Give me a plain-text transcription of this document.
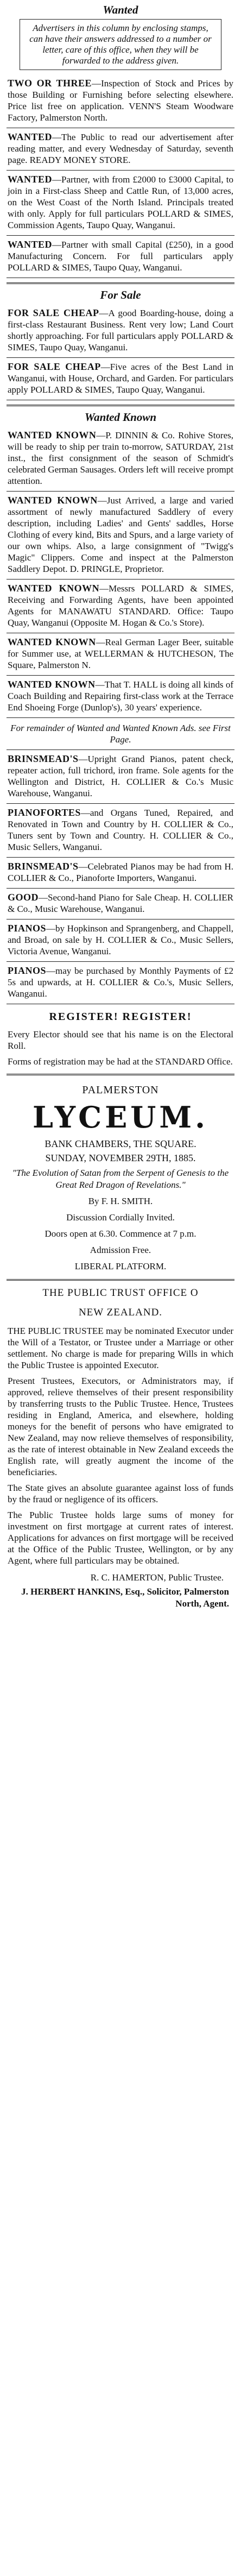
Wanted
Advertisers in this column by enclosing stamps, can have their answers addressed to a number or letter, care of this office, when they will be forwarded to the address given.

TWO OR THREE—Inspection of Stock and Prices by those Building or Furnishing before selecting elsewhere. Price list free on application. VENN'S Steam Woodware Factory, Palmerston North.

WANTED—The Public to read our advertisement after reading matter, and every Wednesday of Saturday, seventh page. READY MONEY STORE.

WANTED—Partner, with from £2000 to £3000 Capital, to join in a First-class Sheep and Cattle Run, of 13,000 acres, on the West Coast of the North Island. Principals treated with only. Apply for full particulars POLLARD & SIMES, Commission Agents, Taupo Quay, Wanganui.

WANTED—Partner with small Capital (£250), in a good Manufacturing Concern. For full particulars apply POLLARD & SIMES, Taupo Quay, Wanganui.

For Sale

FOR SALE CHEAP—A good Boarding-house, doing a first-class Restaurant Business. Rent very low; Land Court shortly approaching. For full particulars apply POLLARD & SIMES, Taupo Quay, Wanganui.

FOR SALE CHEAP—Five acres of the Best Land in Wanganui, with House, Orchard, and Garden. For particulars apply POLLARD & SIMES, Taupo Quay, Wanganui.

Wanted Known

WANTED KNOWN—P. DINNIN & Co. Rohive Stores, will be ready to ship per train to-morrow, SATURDAY, 21st inst., the first consignment of the season of Schmidt's celebrated German Sausages. Orders left will receive prompt attention.

WANTED KNOWN—Just Arrived, a large and varied assortment of newly manufactured Saddlery of every description, including Ladies' and Gents' saddles, Horse Clothing of every kind, Bits and Spurs, and a large variety of our own whips. Also, a large consignment of "Twigg's Magic" Clippers. Come and inspect at the Palmerston Saddlery Depot. D. PRINGLE, Proprietor.

WANTED KNOWN—Messrs POLLARD & SIMES, Receiving and Forwarding Agents, have been appointed Agents for MANAWATU STANDARD. Office: Taupo Quay, Wanganui (Opposite M. Hogan & Co.'s Store).

WANTED KNOWN—Real German Lager Beer, suitable for Summer use, at WELLERMAN & HUTCHESON, The Square, Palmerston N.

WANTED KNOWN—That T. HALL is doing all kinds of Coach Building and Repairing first-class work at the Terrace End Shoeing Forge (Dunlop's), 30 years' experience.

For remainder of Wanted and Wanted Known Ads. see First Page.

BRINSMEAD'S—Upright Grand Pianos, patent check, repeater action, full trichord, iron frame. Sole agents for the Wellington and District, H. COLLIER & Co.'s Music Warehouse, Wanganui.

PIANOFORTES—and Organs Tuned, Repaired, and Renovated in Town and Country by H. COLLIER & Co., Tuners sent by Town and Country. H. COLLIER & Co., Music Sellers, Wanganui.

BRINSMEAD'S—Celebrated Pianos may be had from H. COLLIER & Co., Pianoforte Importers, Wanganui.

GOOD—Second-hand Piano for Sale Cheap. H. COLLIER & Co., Music Warehouse, Wanganui.

PIANOS—by Hopkinson and Sprangenberg, and Chappell, and Broad, on sale by H. COLLIER & Co., Music Sellers, Victoria Avenue, Wanganui.

PIANOS—may be purchased by Monthly Payments of £2 5s and upwards, at H. COLLIER & Co.'s, Music Sellers, Wanganui.

REGISTER! REGISTER!

Every Elector should see that his name is on the Electoral Roll.

Forms of registration may be had at the STANDARD Office.

PALMERSTON
LYCEUM.
BANK CHAMBERS, THE SQUARE.
SUNDAY, NOVEMBER 29TH, 1885.
"The Evolution of Satan from the Serpent of Genesis to the Great Red Dragon of Revelations."
By F. H. SMITH.
Discussion Cordially Invited.
Doors open at 6.30. Commence at 7 p.m.
Admission Free.
LIBERAL PLATFORM.
THE PUBLIC TRUST OFFICE O
NEW ZEALAND.

THE PUBLIC TRUSTEE may be nominated Executor under the Will of a Testator, or Trustee under a Marriage or other settlement. No charge is made for preparing Wills in which the Public Trustee is appointed Executor.

Present Trustees, Executors, or Administrators may, if approved, relieve themselves of their present responsibility by transferring trusts to the Public Trustee. Hence, Trustees residing in England, America, and elsewhere, holding moneys for the benefit of persons who have emigrated to New Zealand, may now relieve themselves of responsibility, as the rate of interest obtainable in New Zealand exceeds the English rate, will greatly augment the income of the beneficiaries.

The State gives an absolute guarantee against loss of funds by the fraud or negligence of its officers.

The Public Trustee holds large sums of money for investment on first mortgage at current rates of interest. Applications for advances on first mortgage will be received at the Office of the Public Trustee, Wellington, or by any Agent, where full particulars may be obtained.

R. C. HAMERTON, Public Trustee.
J. HERBERT HANKINS, Esq., Solicitor, Palmerston North, Agent.
